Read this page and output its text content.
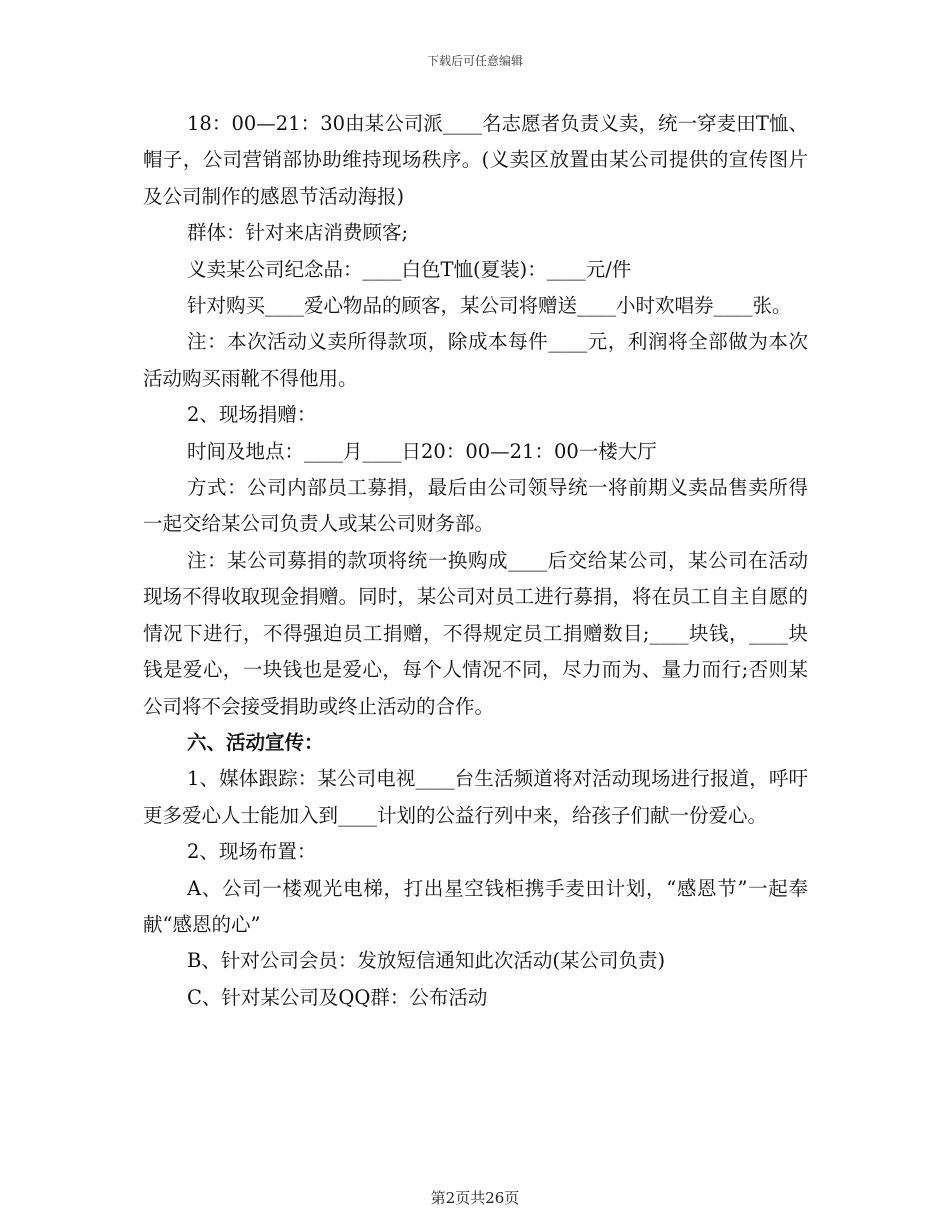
下载后可任意编辑

18：00—21：30由某公司派____名志愿者负责义卖，统一穿麦田T恤、帽子，公司营销部协助维持现场秩序。(义卖区放置由某公司提供的宣传图片及公司制作的感恩节活动海报)

群体：针对来店消费顾客;

义卖某公司纪念品：____白色T恤(夏装)：____元/件

针对购买____爱心物品的顾客，某公司将赠送____小时欢唱券____张。

注：本次活动义卖所得款项，除成本每件____元，利润将全部做为本次活动购买雨靴不得他用。

2、现场捐赠：

时间及地点：____月____日20：00—21：00一楼大厅

方式：公司内部员工募捐，最后由公司领导统一将前期义卖品售卖所得一起交给某公司负责人或某公司财务部。

注：某公司募捐的款项将统一换购成____后交给某公司，某公司在活动现场不得收取现金捐赠。同时，某公司对员工进行募捐，将在员工自主自愿的情况下进行，不得强迫员工捐赠，不得规定员工捐赠数目;____块钱，____块钱是爱心，一块钱也是爱心，每个人情况不同，尽力而为、量力而行;否则某公司将不会接受捐助或终止活动的合作。

六、活动宣传：

1、媒体跟踪：某公司电视____台生活频道将对活动现场进行报道，呼吁更多爱心人士能加入到____计划的公益行列中来，给孩子们献一份爱心。

2、现场布置：

A、公司一楼观光电梯，打出星空钱柜携手麦田计划，“感恩节”一起奉献“感恩的心”

B、针对公司会员：发放短信通知此次活动(某公司负责)

C、针对某公司及QQ群：公布活动

第2页共26页
